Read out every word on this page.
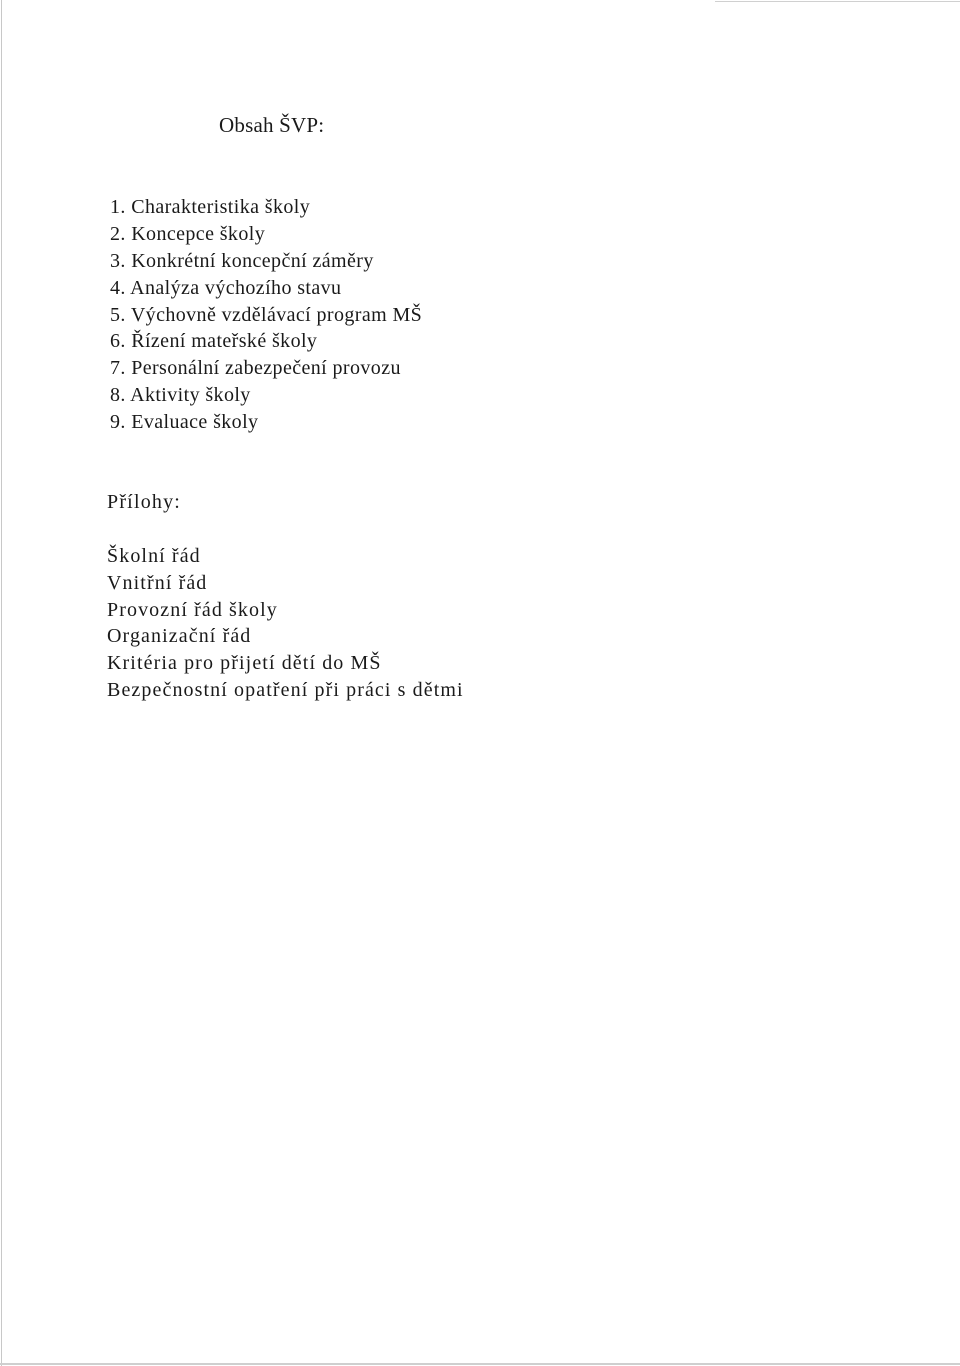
Obsah ŠVP:
1. Charakteristika školy
2. Koncepce školy
3. Konkrétní koncepční záměry
4. Analýza výchozího stavu
5. Výchovně vzdělávací program MŠ
6. Řízení mateřské školy
7. Personální zabezpečení provozu
8. Aktivity školy
9. Evaluace školy
Přílohy:
Školní řád
Vnitřní řád
Provozní řád školy
Organizační řád
Kritéria pro přijetí dětí do MŠ
Bezpečnostní opatření při práci s dětmi
